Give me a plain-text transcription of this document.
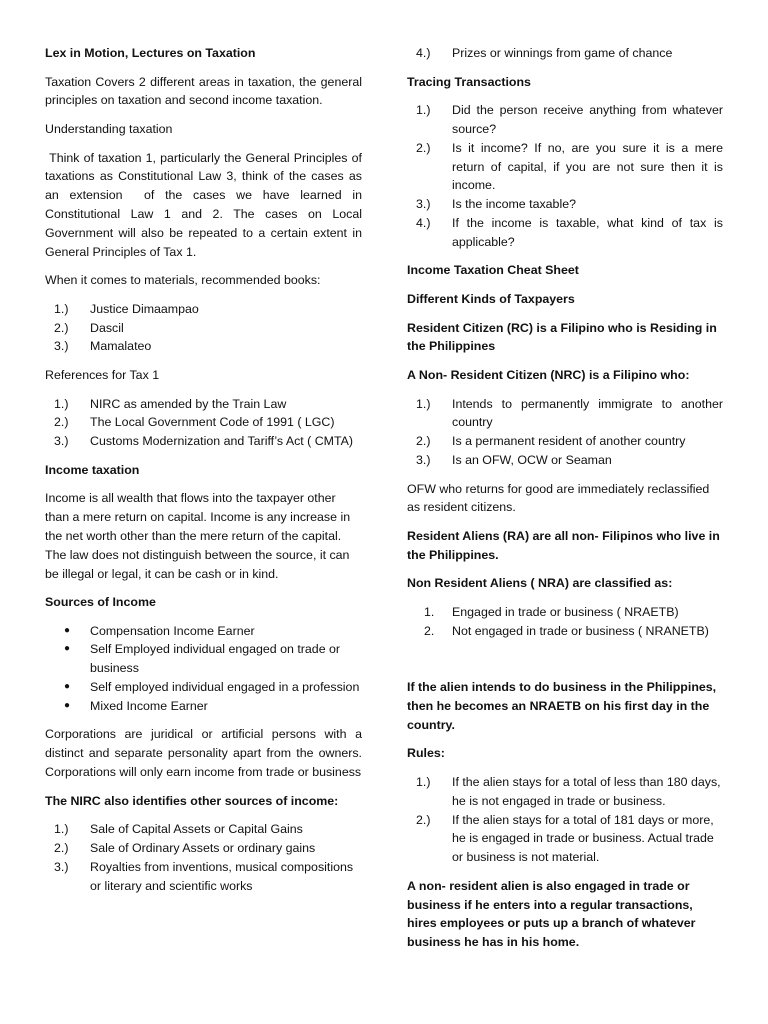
Lex in Motion, Lectures on Taxation

Taxation Covers 2 different areas in taxation, the general principles on taxation and second income taxation.

Understanding taxation

Think of taxation 1, particularly the General Principles of taxations as Constitutional Law 3, think of the cases as an extension  of the cases we have learned in Constitutional Law 1 and 2. The cases on Local Government will also be repeated to a certain extent in General Principles of Tax 1.

When it comes to materials, recommended books:

1.) Justice Dimaampao
2.) Dascil
3.) Mamalateo

References for Tax 1

1.) NIRC as amended by the Train Law
2.) The Local Government Code of 1991 ( LGC)
3.) Customs Modernization and Tariff’s Act ( CMTA)

Income taxation

Income is all wealth that flows into the taxpayer other than a mere return on capital. Income is any increase in the net worth other than the mere return of the capital. The law does not distinguish between the source, it can be illegal or legal, it can be cash or in kind.

Sources of Income

● Compensation Income Earner
● Self Employed individual engaged on trade or business
● Self employed individual engaged in a profession
● Mixed Income Earner

Corporations are juridical or artificial persons with a distinct and separate personality apart from the owners. Corporations will only earn income from trade or business

The NIRC also identifies other sources of income:

1.) Sale of Capital Assets or Capital Gains
2.) Sale of Ordinary Assets or ordinary gains
3.) Royalties from inventions, musical compositions or literary and scientific works
4.) Prizes or winnings from game of chance

Tracing Transactions

1.) Did the person receive anything from whatever source?
2.) Is it income? If no, are you sure it is a mere return of capital, if you are not sure then it is income.
3.) Is the income taxable?
4.) If the income is taxable, what kind of tax is applicable?

Income Taxation Cheat Sheet

Different Kinds of Taxpayers

Resident Citizen (RC) is a Filipino who is Residing in the Philippines

A Non- Resident Citizen (NRC) is a Filipino who:

1.) Intends to permanently immigrate to another country
2.) Is a permanent resident of another country
3.) Is an OFW, OCW or Seaman

OFW who returns for good are immediately reclassified as resident citizens.

Resident Aliens (RA) are all non- Filipinos who live in the Philippines.

Non Resident Aliens ( NRA) are classified as:

1. Engaged in trade or business ( NRAETB)
2. Not engaged in trade or business ( NRANETB)

If the alien intends to do business in the Philippines, then he becomes an NRAETB on his first day in the country.

Rules:

1.) If the alien stays for a total of less than 180 days, he is not engaged in trade or business.
2.) If the alien stays for a total of 181 days or more, he is engaged in trade or business. Actual trade or business is not material.

A non- resident alien is also engaged in trade or business if he enters into a regular transactions, hires employees or puts up a branch of whatever business he has in his home.
